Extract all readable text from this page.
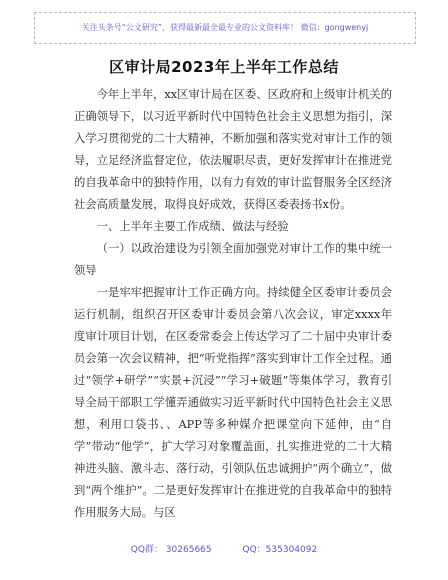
关注头条号“公文研究”，获得最新最全最专业的公文资料库！ 微信：gongwenyj
区审计局2023年上半年工作总结

今年上半年，xx区审计局在区委、区政府和上级审计机关的正确领导下，以习近平新时代中国特色社会主义思想为指引，深入学习贯彻党的二十大精神，不断加强和落实党对审计工作的领导，立足经济监督定位，依法履职尽责，更好发挥审计在推进党的自我革命中的独特作用，以有力有效的审计监督服务全区经济社会高质量发展，取得良好成效，获得区委表扬书x份。

一、上半年主要工作成绩、做法与经验

（一）以政治建设为引领全面加强党对审计工作的集中统一领导

一是牢牢把握审计工作正确方向。持续健全区委审计委员会运行机制，组织召开区委审计委员会第八次会议，审定xxxx年度审计项目计划，在区委常委会上传达学习了二十届中央审计委员会第一次会议精神，把“听党指挥”落实到审计工作全过程。通过“领学+研学”“实景+沉浸”“学习+破题”等集体学习，教育引导全局干部职工学懂弄通做实习近平新时代中国特色社会主义思想，利用口袋书、、APP等多种媒介把课堂向下延伸，由“自学”带动“他学”，扩大学习对象覆盖面，扎实推进党的二十大精神进头脑、激斗志、落行动，引领队伍忠诚拥护“两个确立”，做到“两个维护”。二是更好发挥审计在推进党的自我革命中的独特作用服务大局。与区

QQ群： 30265665	QQ：535304092
